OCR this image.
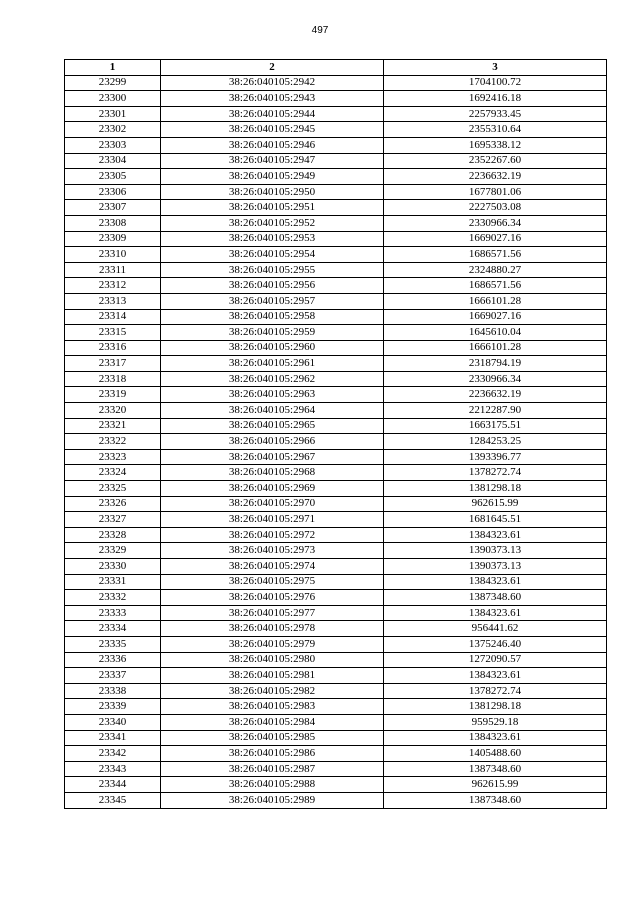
497
1	2	3
23299	38:26:040105:2942	1704100.72
23300	38:26:040105:2943	1692416.18
23301	38:26:040105:2944	2257933.45
23302	38:26:040105:2945	2355310.64
23303	38:26:040105:2946	1695338.12
23304	38:26:040105:2947	2352267.60
23305	38:26:040105:2949	2236632.19
23306	38:26:040105:2950	1677801.06
23307	38:26:040105:2951	2227503.08
23308	38:26:040105:2952	2330966.34
23309	38:26:040105:2953	1669027.16
23310	38:26:040105:2954	1686571.56
23311	38:26:040105:2955	2324880.27
23312	38:26:040105:2956	1686571.56
23313	38:26:040105:2957	1666101.28
23314	38:26:040105:2958	1669027.16
23315	38:26:040105:2959	1645610.04
23316	38:26:040105:2960	1666101.28
23317	38:26:040105:2961	2318794.19
23318	38:26:040105:2962	2330966.34
23319	38:26:040105:2963	2236632.19
23320	38:26:040105:2964	2212287.90
23321	38:26:040105:2965	1663175.51
23322	38:26:040105:2966	1284253.25
23323	38:26:040105:2967	1393396.77
23324	38:26:040105:2968	1378272.74
23325	38:26:040105:2969	1381298.18
23326	38:26:040105:2970	962615.99
23327	38:26:040105:2971	1681645.51
23328	38:26:040105:2972	1384323.61
23329	38:26:040105:2973	1390373.13
23330	38:26:040105:2974	1390373.13
23331	38:26:040105:2975	1384323.61
23332	38:26:040105:2976	1387348.60
23333	38:26:040105:2977	1384323.61
23334	38:26:040105:2978	956441.62
23335	38:26:040105:2979	1375246.40
23336	38:26:040105:2980	1272090.57
23337	38:26:040105:2981	1384323.61
23338	38:26:040105:2982	1378272.74
23339	38:26:040105:2983	1381298.18
23340	38:26:040105:2984	959529.18
23341	38:26:040105:2985	1384323.61
23342	38:26:040105:2986	1405488.60
23343	38:26:040105:2987	1387348.60
23344	38:26:040105:2988	962615.99
23345	38:26:040105:2989	1387348.60
